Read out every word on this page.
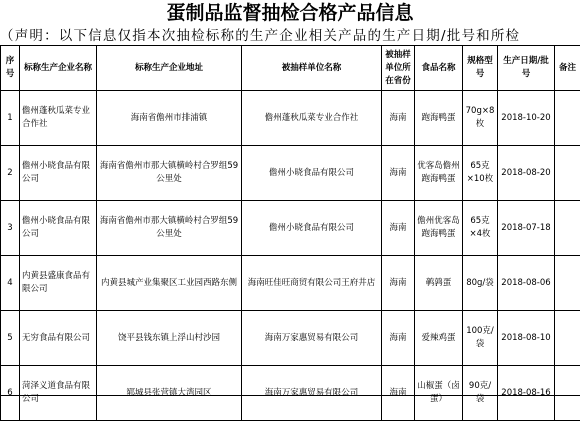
蛋制品监督抽检合格产品信息
（声明：以下信息仅指本次抽检标称的生产企业相关产品的生产日期/批号和所检
序号	标称生产企业名称	标称生产企业地址	被抽样单位名称	被抽样单位所在省份	食品名称	规格型号	生产日期/批号	备注
1	儋州蓬秋瓜菜专业合作社	海南省儋州市排浦镇	儋州蓬秋瓜菜专业合作社	海南	跑海鸭蛋	70g×8枚	2018-10-20	
2	儋州小晓食品有限公司	海南省儋州市那大镇横岭村合罗组59公里处	儋州小晓食品有限公司	海南	优客岛儋州跑海鸭蛋	65克×10枚	2018-08-20	
3	儋州小晓食品有限公司	海南省儋州市那大镇横岭村合罗组59公里处	儋州小晓食品有限公司	海南	儋州优客岛跑海鸭蛋	65克×4枚	2018-07-18	
4	内黄县盛康食品有限公司	内黄县城产业集聚区工业园西路东侧	海南旺佳旺商贸有限公司王府井店	海南	鹌鹑蛋	80g/袋	2018-08-06	
5	无穷食品有限公司	饶平县钱东镇上浮山村沙园	海南万家惠贸易有限公司	海南	爱辣鸡蛋	100克/袋	2018-08-10	
6	菏泽义道食品有限公司	郓城县张营镇大湾园区	海南万家惠贸易有限公司	海南	山椒蛋（卤蛋）	90克/袋	2018-08-16	
